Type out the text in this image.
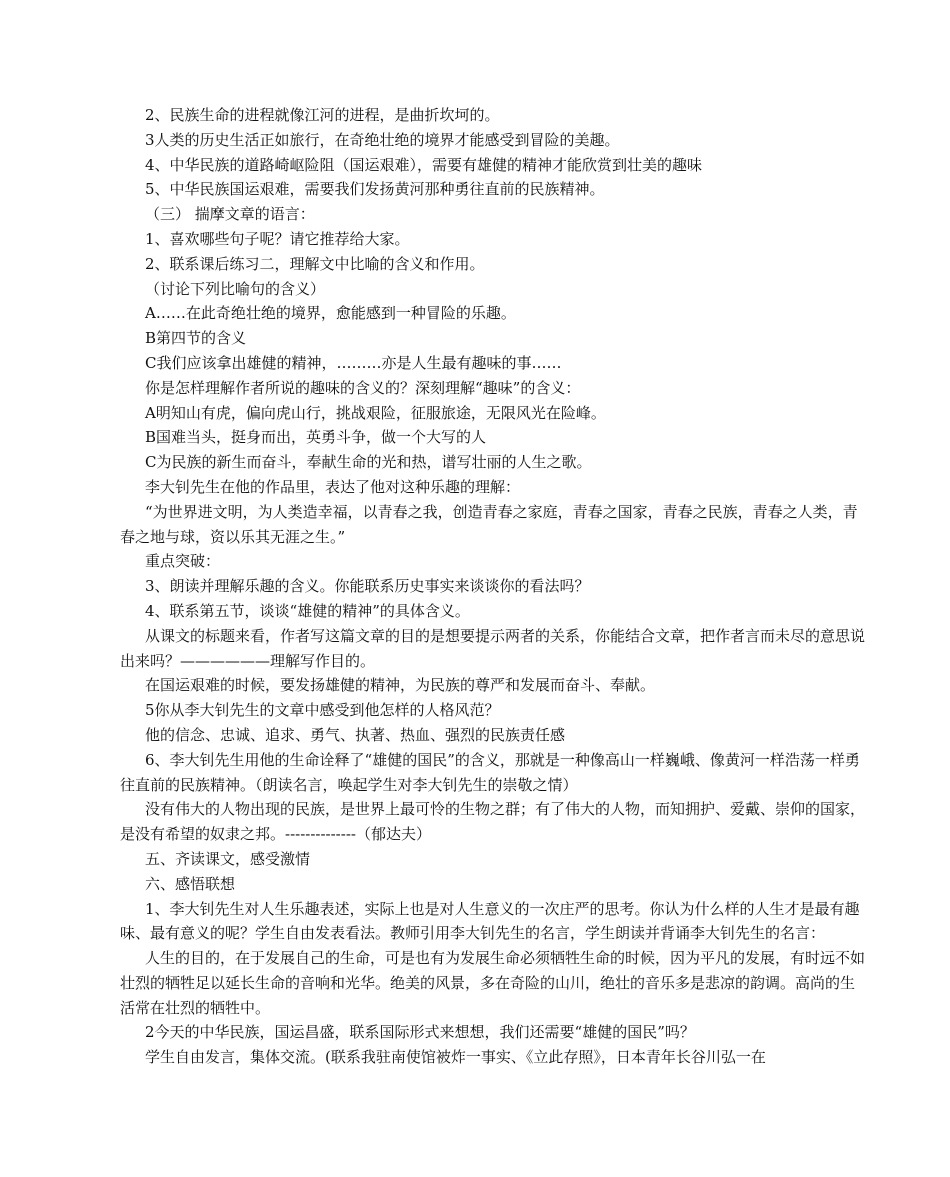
2、民族生命的进程就像江河的进程，是曲折坎坷的。

3人类的历史生活正如旅行，在奇绝壮绝的境界才能感受到冒险的美趣。

4、中华民族的道路崎岖险阻（国运艰难），需要有雄健的精神才能欣赏到壮美的趣味

5、中华民族国运艰难，需要我们发扬黄河那种勇往直前的民族精神。

（三） 揣摩文章的语言：

1、喜欢哪些句子呢？请它推荐给大家。

2、联系课后练习二，理解文中比喻的含义和作用。

（讨论下列比喻句的含义）

A……在此奇绝壮绝的境界，愈能感到一种冒险的乐趣。

B第四节的含义

C我们应该拿出雄健的精神，………亦是人生最有趣味的事……

你是怎样理解作者所说的趣味的含义的？深刻理解“趣味”的含义：

A明知山有虎，偏向虎山行，挑战艰险，征服旅途，无限风光在险峰。

B国难当头，挺身而出，英勇斗争，做一个大写的人

C为民族的新生而奋斗，奉献生命的光和热，谱写壮丽的人生之歌。

李大钊先生在他的作品里，表达了他对这种乐趣的理解：

“为世界进文明，为人类造幸福，以青春之我，创造青春之家庭，青春之国家，青春之民族，青春之人类，青春之地与球，资以乐其无涯之生。”

重点突破：

3、朗读并理解乐趣的含义。你能联系历史事实来谈谈你的看法吗？

4、联系第五节，谈谈“雄健的精神”的具体含义。

从课文的标题来看，作者写这篇文章的目的是想要提示两者的关系，你能结合文章，把作者言而未尽的意思说出来吗？——————理解写作目的。

在国运艰难的时候，要发扬雄健的精神，为民族的尊严和发展而奋斗、奉献。

5你从李大钊先生的文章中感受到他怎样的人格风范？

他的信念、忠诚、追求、勇气、执著、热血、强烈的民族责任感

6、李大钊先生用他的生命诠释了“雄健的国民”的含义，那就是一种像高山一样巍峨、像黄河一样浩荡一样勇往直前的民族精神。（朗读名言，唤起学生对李大钊先生的崇敬之情）

没有伟大的人物出现的民族，是世界上最可怜的生物之群；有了伟大的人物，而知拥护、爱戴、崇仰的国家，是没有希望的奴隶之邦。--------------（郁达夫）

五、齐读课文，感受激情

六、感悟联想

1、李大钊先生对人生乐趣表述，实际上也是对人生意义的一次庄严的思考。你认为什么样的人生才是最有趣味、最有意义的呢？学生自由发表看法。教师引用李大钊先生的名言，学生朗读并背诵李大钊先生的名言：

人生的目的，在于发展自己的生命，可是也有为发展生命必须牺牲生命的时候，因为平凡的发展，有时远不如壮烈的牺牲足以延长生命的音响和光华。绝美的风景，多在奇险的山川，绝壮的音乐多是悲凉的韵调。高尚的生活常在壮烈的牺牲中。

2今天的中华民族，国运昌盛，联系国际形式来想想，我们还需要“雄健的国民”吗？

学生自由发言，集体交流。(联系我驻南使馆被炸一事实、《立此存照》，日本青年长谷川弘一在
